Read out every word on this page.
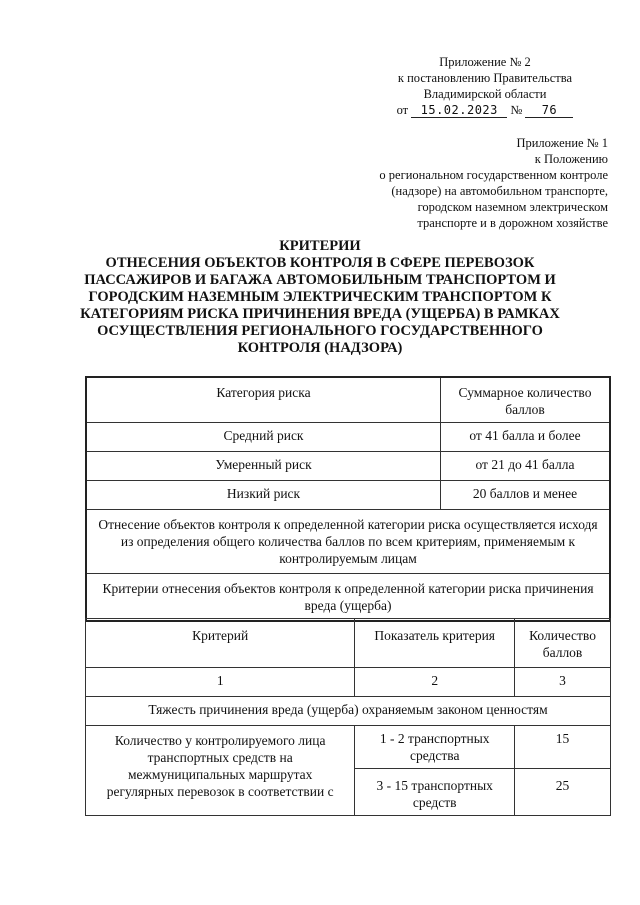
Приложение № 2
к постановлению Правительства
Владимирской области
от 15.02.2023 № 76
Приложение № 1
к Положению
о региональном государственном контроле
(надзоре) на автомобильном транспорте,
городском наземном электрическом
транспорте и в дорожном хозяйстве
КРИТЕРИИ
ОТНЕСЕНИЯ ОБЪЕКТОВ КОНТРОЛЯ В СФЕРЕ ПЕРЕВОЗОК
ПАССАЖИРОВ И БАГАЖА АВТОМОБИЛЬНЫМ ТРАНСПОРТОМ И
ГОРОДСКИМ НАЗЕМНЫМ ЭЛЕКТРИЧЕСКИМ ТРАНСПОРТОМ К
КАТЕГОРИЯМ РИСКА ПРИЧИНЕНИЯ ВРЕДА (УЩЕРБА) В РАМКАХ
ОСУЩЕСТВЛЕНИЯ РЕГИОНАЛЬНОГО ГОСУДАРСТВЕННОГО
КОНТРОЛЯ (НАДЗОРА)
Категория риска	Суммарное количество баллов
Средний риск	от 41 балла и более
Умеренный риск	от 21 до 41 балла
Низкий риск	20 баллов и менее
Отнесение объектов контроля к определенной категории риска осуществляется исходя из определения общего количества баллов по всем критериям, применяемым к контролируемым лицам	
Критерии отнесения объектов контроля к определенной категории риска причинения вреда (ущерба)	
Критерий	Показатель критерия	Количество баллов
1	2	3
Тяжесть причинения вреда (ущерба) охраняемым законом ценностям		
Количество у контролируемого лица транспортных средств на межмуниципальных маршрутах регулярных перевозок в соответствии с	1 - 2 транспортных средства	15
	3 - 15 транспортных средств	25
